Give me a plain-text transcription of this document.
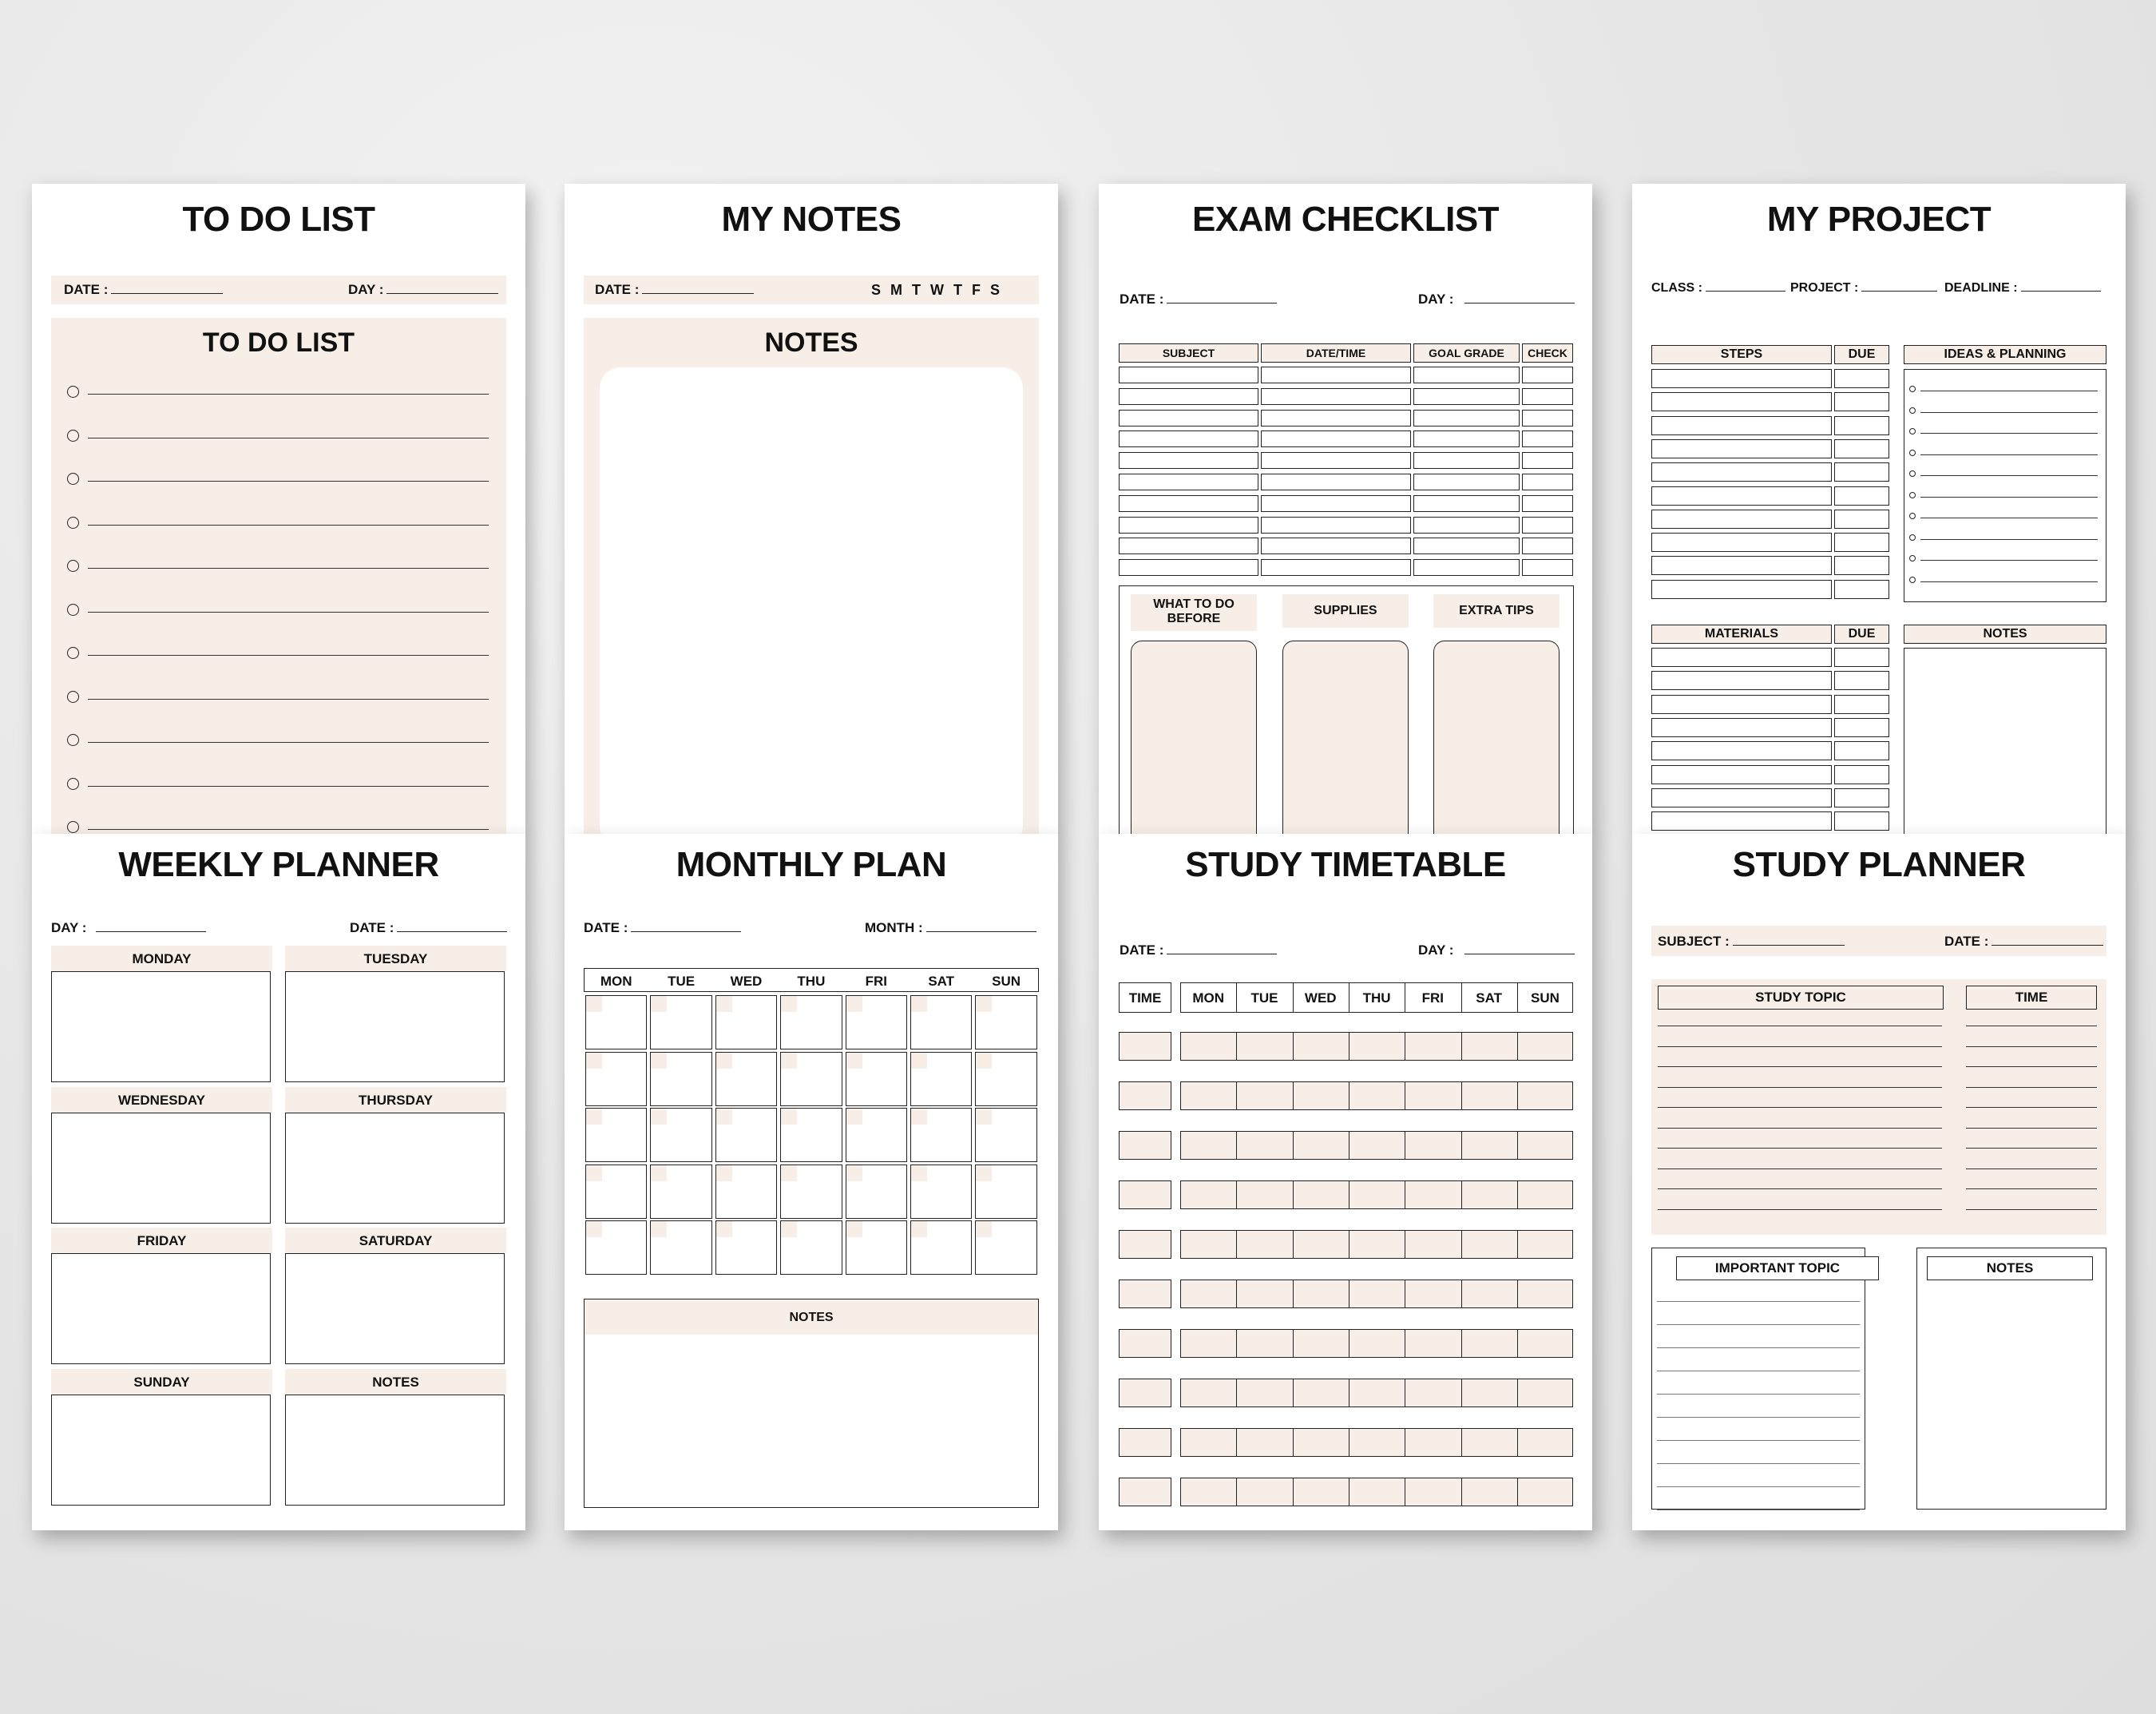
TO DO LIST
DATE :	DAY :
TO DO LIST
MY NOTES
DATE :	S M T W T F S
NOTES
EXAM CHECKLIST
DATE :	DAY :
SUBJECT	DATE/TIME	GOAL GRADE	CHECK
WHAT TO DO BEFORE
SUPPLIES	EXTRA TIPS
MY PROJECT
CLASS :	PROJECT :	DEADLINE :
STEPS	DUE	IDEAS & PLANNING
MATERIALS	DUE	NOTES
WEEKLY PLANNER
DAY :	DATE :
MONDAY	TUESDAY
WEDNESDAY	THURSDAY
FRIDAY	SATURDAY
SUNDAY	NOTES
MONTHLY PLAN
DATE :	MONTH :
NOTES
MON	TUE	WED	THU	FRI	SAT	SUN
STUDY TIMETABLE
DATE :	DAY :
TIME	MON	TUE	WED	THU	FRI	SAT	SUN
STUDY PLANNER
SUBJECT :	DATE :
STUDY TOPIC	TIME
IMPORTANT TOPIC	NOTES
